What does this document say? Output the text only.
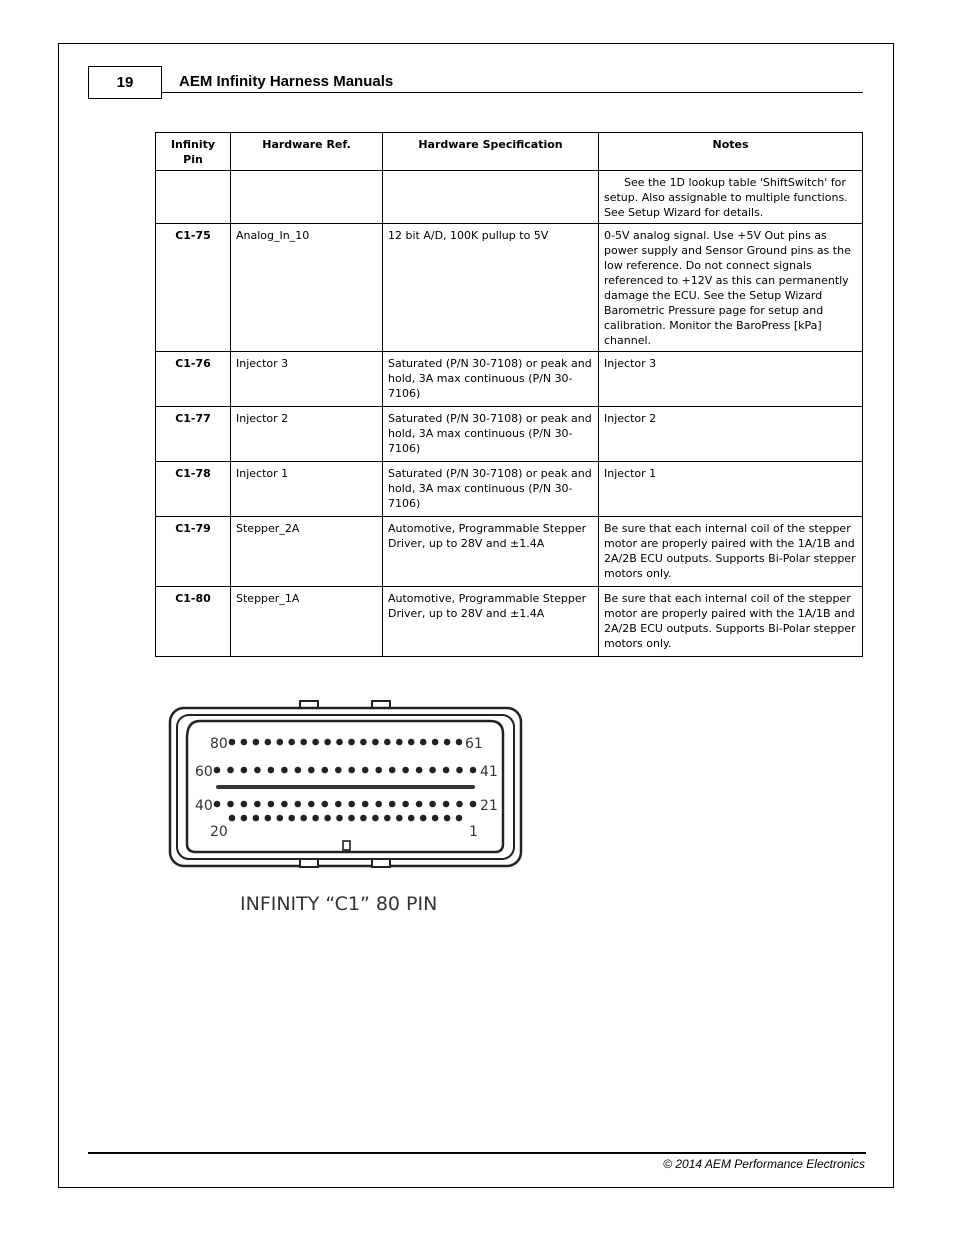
19	AEM Infinity Harness Manuals
Infinity Pin	Hardware Ref.	Hardware Specification	Notes
			See the 1D lookup table 'ShiftSwitch' for setup. Also assignable to multiple functions. See Setup Wizard for details.
C1-75	Analog_In_10	12 bit A/D, 100K pullup to 5V	0-5V analog signal. Use +5V Out pins as power supply and Sensor Ground pins as the low reference. Do not connect signals referenced to +12V as this can permanently damage the ECU. See the Setup Wizard Barometric Pressure page for setup and calibration. Monitor the BaroPress [kPa] channel.
C1-76	Injector 3	Saturated (P/N 30-7108) or peak and hold, 3A max continuous (P/N 30-7106)	Injector 3
C1-77	Injector 2	Saturated (P/N 30-7108) or peak and hold, 3A max continuous (P/N 30-7106)	Injector 2
C1-78	Injector 1	Saturated (P/N 30-7108) or peak and hold, 3A max continuous (P/N 30-7106)	Injector 1
C1-79	Stepper_2A	Automotive, Programmable Stepper Driver, up to 28V and ±1.4A	Be sure that each internal coil of the stepper motor are properly paired with the 1A/1B and 2A/2B ECU outputs. Supports Bi-Polar stepper motors only.
C1-80	Stepper_1A	Automotive, Programmable Stepper Driver, up to 28V and ±1.4A	Be sure that each internal coil of the stepper motor are properly paired with the 1A/1B and 2A/2B ECU outputs. Supports Bi-Polar stepper motors only.
80	61
60	41
40	21
20	1
INFINITY “C1” 80 PIN
© 2014 AEM Performance Electronics
